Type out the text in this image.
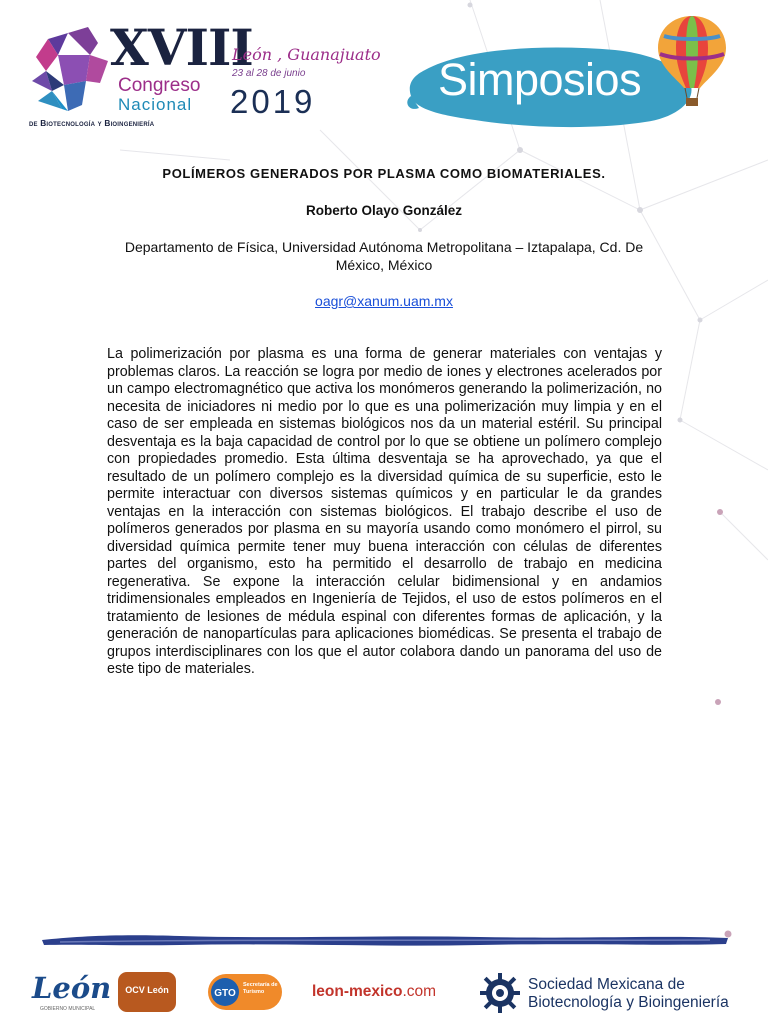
XVIII
Congreso
Nacional
de Biotecnología y Bioingeniería
León , Guanajuato
23 al 28 de junio
2019	Simposios
POLÍMEROS GENERADOS POR PLASMA COMO BIOMATERIALES.
Roberto Olayo González
Departamento de Física, Universidad Autónoma Metropolitana – Iztapalapa, Cd. De México, México
oagr@xanum.uam.mx

La polimerización por plasma es una forma de generar materiales con ventajas y problemas claros. La reacción se logra por medio de iones y electrones acelerados por un campo electromagnético que activa los monómeros generando la polimerización, no necesita de iniciadores ni medio por lo que es una polimerización muy limpia y en el caso de ser empleada en sistemas biológicos nos da un material estéril. Su principal desventaja es la baja capacidad de control por lo que se obtiene un polímero complejo con propiedades promedio. Esta última desventaja se ha aprovechado, ya que el resultado de un polímero complejo es la diversidad química de su superficie, esto le permite interactuar con diversos sistemas químicos y en particular le da grandes ventajas en la interacción con sistemas biológicos. El trabajo describe el uso de polímeros generados por plasma en su mayoría usando como monómero el pirrol, su diversidad química permite tener muy buena interacción con células de diferentes partes del organismo, esto ha permitido el desarrollo de trabajo en medicina regenerativa. Se expone la interacción celular bidimensional y en andamios tridimensionales empleados en Ingeniería de Tejidos, el uso de estos polímeros en el tratamiento de lesiones de médula espinal con diferentes formas de aplicación, y la generación de nanopartículas para aplicaciones biomédicas. Se presenta el trabajo de grupos interdisciplinares con los que el autor colabora dando un panorama del uso de este tipo de materiales.

León
GOBIERNO MUNICIPAL
OCV León	GTO
Secretaría de Turismo	leon-mexico.com	Sociedad Mexicana de
Biotecnología y Bioingeniería
